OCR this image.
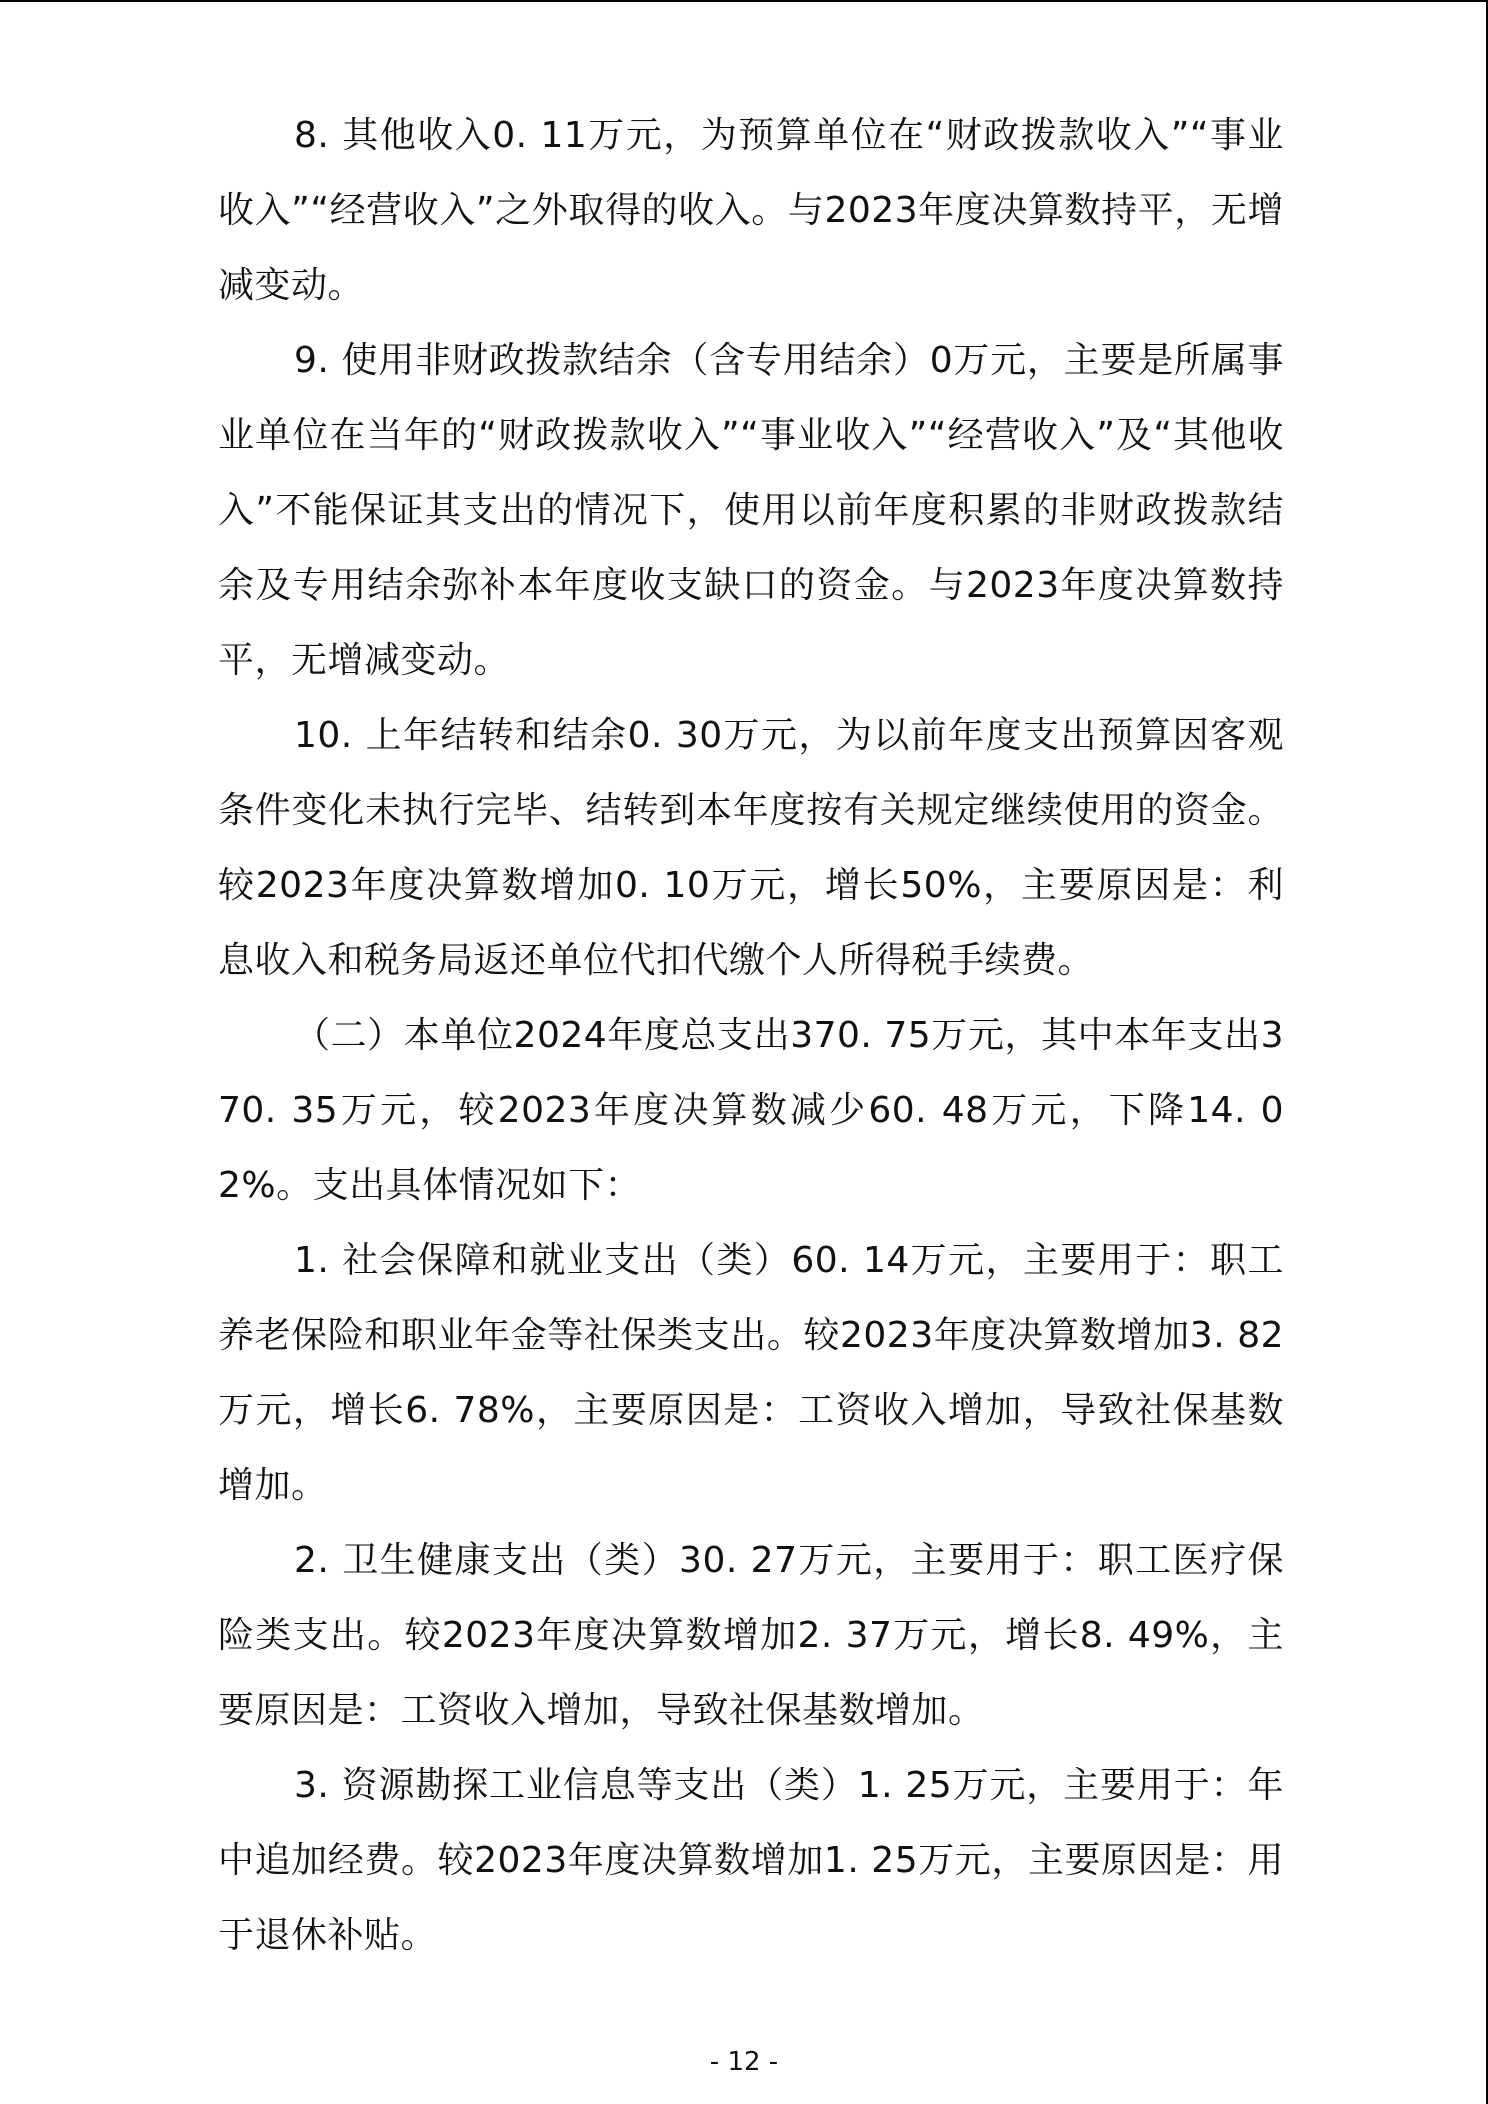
8. 其他收入0. 11万元，为预算单位在“财政拨款收入”“事业收入”“经营收入”之外取得的收入。与2023年度决算数持平，无增减变动。

9. 使用非财政拨款结余（含专用结余）0万元，主要是所属事业单位在当年的“财政拨款收入”“事业收入”“经营收入”及“其他收入”不能保证其支出的情况下，使用以前年度积累的非财政拨款结余及专用结余弥补本年度收支缺口的资金。与2023年度决算数持平，无增减变动。

10. 上年结转和结余0. 30万元，为以前年度支出预算因客观条件变化未执行完毕、结转到本年度按有关规定继续使用的资金。较2023年度决算数增加0. 10万元，增长50%，主要原因是：利息收入和税务局返还单位代扣代缴个人所得税手续费。

（二）本单位2024年度总支出370. 75万元，其中本年支出370. 35万元，较2023年度决算数减少60. 48万元，下降14. 02%。支出具体情况如下：

1. 社会保障和就业支出（类）60. 14万元，主要用于：职工养老保险和职业年金等社保类支出。较2023年度决算数增加3. 82万元，增长6. 78%，主要原因是：工资收入增加，导致社保基数增加。

2. 卫生健康支出（类）30. 27万元，主要用于：职工医疗保险类支出。较2023年度决算数增加2. 37万元，增长8. 49%，主要原因是：工资收入增加，导致社保基数增加。

3. 资源勘探工业信息等支出（类）1. 25万元，主要用于：年中追加经费。较2023年度决算数增加1. 25万元，主要原因是：用于退休补贴。

- 12 -
